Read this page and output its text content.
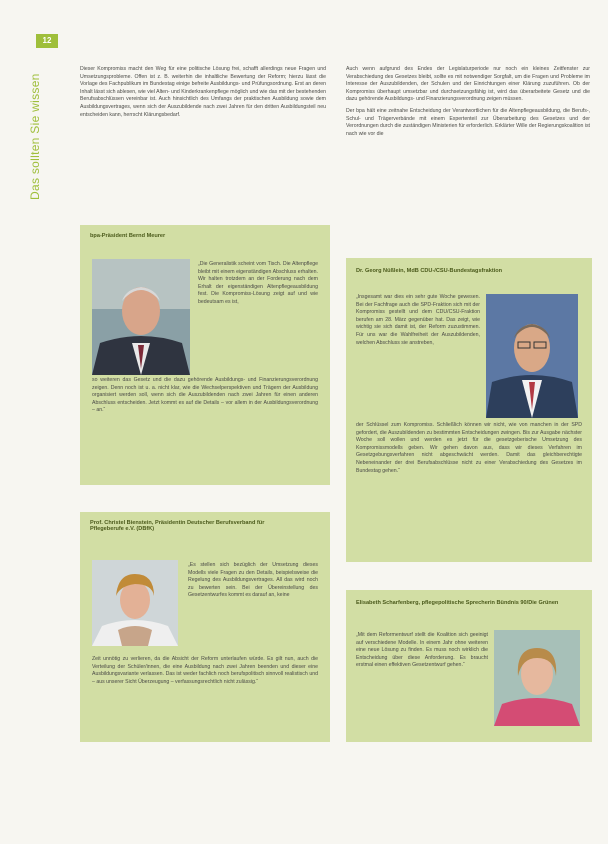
12
Das sollten Sie wissen

Dieser Kompromiss macht den Weg für eine politische Lösung frei, schafft allerdings neue Fragen und Umsetzungsprobleme. Offen ist z. B. weiterhin die inhaltliche Bewertung der Reform; hierzu lässt die Vorlage des Fachpublikum im Bundestag einige befreite Ausbildungs- und Prüfungsordnung. Erst an deren Inhalt lässt sich ablesen, wie viel Alten- und Kinderkrankenpflege möglich und wie das mit der bestehenden Berufsabschlüssen vereinbar ist. Auch hinsichtlich des Umfangs der praktischen Ausbildung sowie dem Ausbildungsvertrages, wenn sich der Auszubildende nach zwei Jahren für den dritten Ausbildungsteil neu entscheiden kann, herrscht Klärungsbedarf.

Auch wenn aufgrund des Endes der Legislaturperiode nur noch ein kleines Zeitfenster zur Verabschiedung des Gesetzes bleibt, sollte es mit notwendiger Sorgfalt, um die Fragen und Probleme im Interesse der Auszubildenden, der Schulen und der Einrichtungen einer Klärung zuzuführen. Ob der Kompromiss überhaupt umsetzbar und durchsetzungsfähig ist, wird das überarbeitete Gesetz und die dazu gehörende Ausbildungs- und Finanzierungsverordnung zeigen müssen.

Der bpa hält eine zeitnahe Entscheidung der Verantwortlichen für die Altenpflegeausbildung, die Berufs-, Schul- und Trägerverbände mit einem Expertenteil zur Überarbeitung des Gesetzes und der Verordnungen durch die zuständigen Ministerien für erforderlich. Erklärter Wille der Regierungskoalition ist nach wie vor die

bpa-Präsident Bernd Meurer
„Die Generalistik scheint vom Tisch. Die Altenpflege bleibt mit einem eigenständigen Abschluss erhalten. Wir halten trotzdem an der Forderung nach dem Erhalt der eigenständigen Altenpflegeausbildung fest. Die Kompromiss-Lösung zeigt auf und wie bedeutsam es ist,
so weiteren das Gesetz und die dazu gehörende Ausbildungs- und Finanzierungsverordnung zeigen. Denn noch ist u. a. nicht klar, wie die Wechselperspektiven und Trägern der Ausbildung organisiert werden soll, wenn sich die Auszubildenden nach zwei Jahren für einen anderen Abschluss entscheiden. Jetzt kommt es auf die Details – vor allem in der Ausbildungsverordnung – an.“
Prof. Christel Bienstein, Präsidentin Deutscher Berufsverband für Pflegeberufe e.V. (DBfK)
„Es stellen sich bezüglich der Umsetzung dieses Modells viele Fragen zu den Details, beispielsweise die Regelung des Ausbildungsvertrages. All das wird noch zu bewerten sein. Bei der Übereinstellung des Gesetzentwurfes kommt es darauf an, keine
Zeit unnötig zu verlieren, da die Absicht der Reform unterlaufen würde. Es gilt nun, auch die Verteilung der Schüler/innen, die eine Ausbildung nach zwei Jahren beenden und dieser eine Ausbildungsvariante verlassen. Das ist weder fachlich noch berufspolitisch sinnvoll realistisch und – aus unserer Sicht Überzeugung – verfassungsrechtlich nicht zulässig.“
Dr. Georg Nüßlein, MdB CDU-/CSU-Bundestagsfraktion
„Insgesamt war dies ein sehr gute Woche gewesen. Bei der Fachfrage auch die SPD-Fraktion sich mit der Kompromiss gestellt und dem CDU/CSU-Fraktion berufen am 28. März gegenüber hat. Das zeigt, wie wichtig sie sich damit ist, der Reform zuzustimmen. Für uns war die Wahlfreiheit der Auszubildenden, welchen Abschluss sie anstreben,
der Schlüssel zum Kompromiss. Schließlich können wir nicht, wie von manchen in der SPD gefordert, die Auszubildenden zu bestimmten Entscheidungen zwingen. Bis zur Ausgabe nächster Woche soll wollen und werden es jetzt für die gesetzgeberische Umsetzung des Kompromissmodells geben. Wir gehen davon aus, dass wir dieses Verfahren im Gesetzgebungsverfahren nicht abgeschwächt werden. Damit das gleichberechtigte Nebeneinander der drei Berufsabschlüsse nicht zu einer Verabschiedung des Gesetzes im Bundestag gehen.“
Elisabeth Scharfenberg, pflegepolitische Sprecherin Bündnis 90/Die Grünen
„Mit dem Reformentwurf stellt die Koalition sich geeinigt auf verschiedene Modelle. In einem Jahr ohne weiteren eine neue Lösung zu finden. Es muss noch wirklich die Entscheidung über diese Anforderung. Es braucht erstmal einen effektiven Gesetzentwurf gehen.“
